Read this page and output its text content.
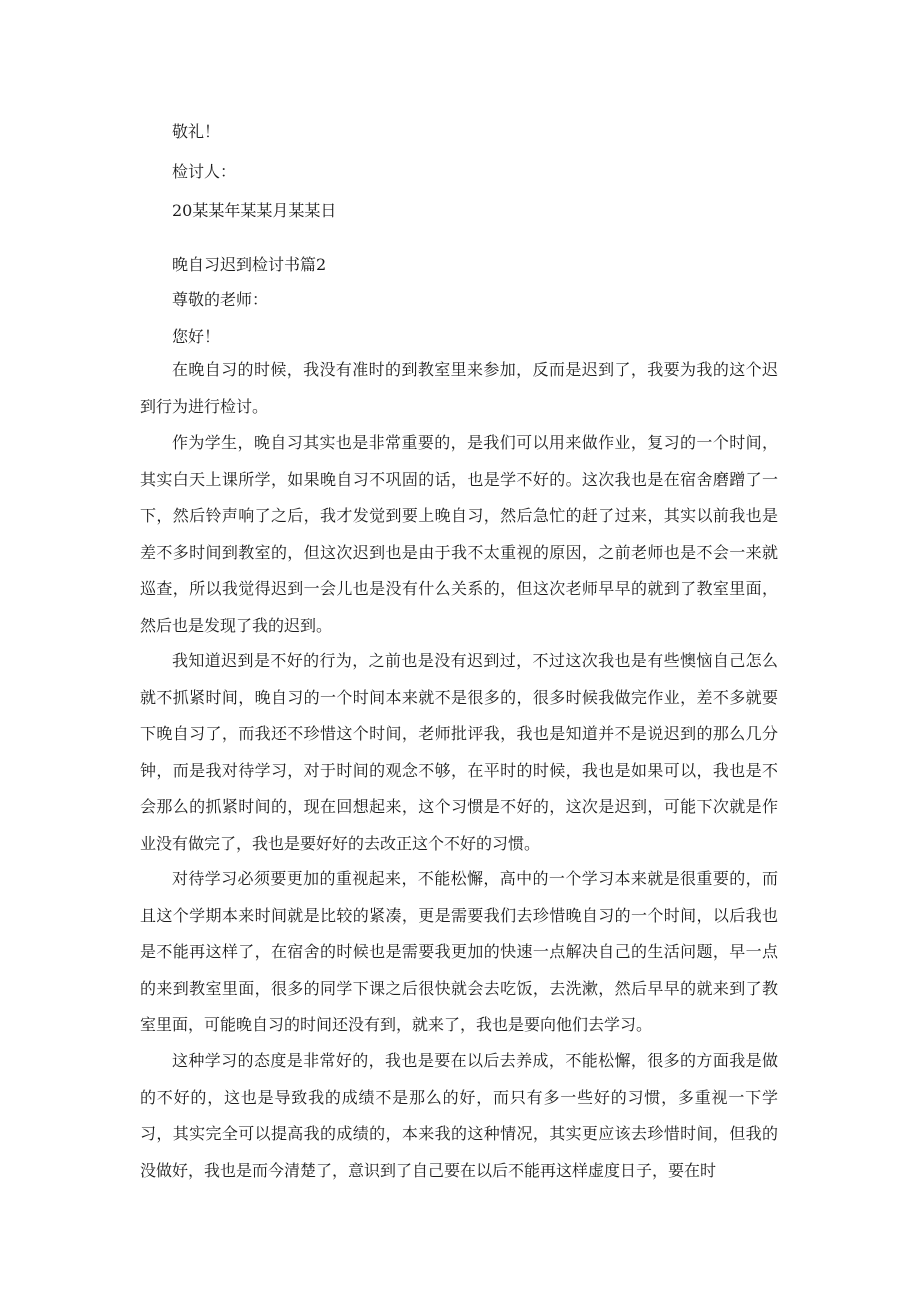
敬礼！
检讨人：
20某某年某某月某某日
晚自习迟到检讨书篇2
尊敬的老师：
您好！

在晚自习的时候，我没有准时的到教室里来参加，反而是迟到了，我要为我的这个迟到行为进行检讨。

作为学生，晚自习其实也是非常重要的，是我们可以用来做作业，复习的一个时间，其实白天上课所学，如果晚自习不巩固的话，也是学不好的。这次我也是在宿舍磨蹭了一下，然后铃声响了之后，我才发觉到要上晚自习，然后急忙的赶了过来，其实以前我也是差不多时间到教室的，但这次迟到也是由于我不太重视的原因，之前老师也是不会一来就巡查，所以我觉得迟到一会儿也是没有什么关系的，但这次老师早早的就到了教室里面，然后也是发现了我的迟到。

我知道迟到是不好的行为，之前也是没有迟到过，不过这次我也是有些懊恼自己怎么就不抓紧时间，晚自习的一个时间本来就不是很多的，很多时候我做完作业，差不多就要下晚自习了，而我还不珍惜这个时间，老师批评我，我也是知道并不是说迟到的那么几分钟，而是我对待学习，对于时间的观念不够，在平时的时候，我也是如果可以，我也是不会那么的抓紧时间的，现在回想起来，这个习惯是不好的，这次是迟到，可能下次就是作业没有做完了，我也是要好好的去改正这个不好的习惯。

对待学习必须要更加的重视起来，不能松懈，高中的一个学习本来就是很重要的，而且这个学期本来时间就是比较的紧凑，更是需要我们去珍惜晚自习的一个时间，以后我也是不能再这样了，在宿舍的时候也是需要我更加的快速一点解决自己的生活问题，早一点的来到教室里面，很多的同学下课之后很快就会去吃饭，去洗漱，然后早早的就来到了教室里面，可能晚自习的时间还没有到，就来了，我也是要向他们去学习。

这种学习的态度是非常好的，我也是要在以后去养成，不能松懈，很多的方面我是做的不好的，这也是导致我的成绩不是那么的好，而只有多一些好的习惯，多重视一下学习，其实完全可以提高我的成绩的，本来我的这种情况，其实更应该去珍惜时间，但我的没做好，我也是而今清楚了，意识到了自己要在以后不能再这样虚度日子，要在时
